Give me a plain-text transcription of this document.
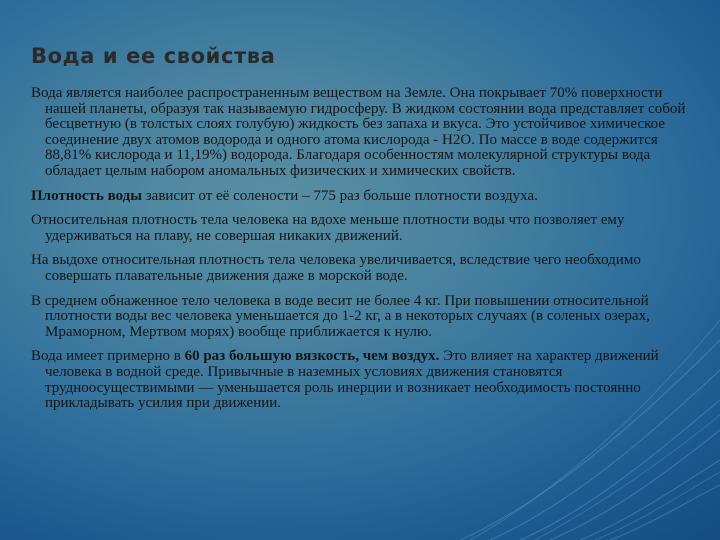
Вода и ее свойства

Вода является наиболее распространенным веществом на Земле. Она покрывает 70% поверхности нашей планеты, образуя так называемую гидросферу. В жидком состоянии вода представляет собой бесцветную (в толстых слоях голубую) жидкость без запаха и вкуса. Это устойчивое химическое соединение двух атомов водорода и одного атома кислорода - Н2О. По массе в воде содержится 88,81% кислорода и 11,19%) водорода. Благодаря особенностям молекулярной структуры вода обладает целым набором аномальных физических и химических свойств.

Плотность воды зависит от её солености – 775 раз больше плотности воздуха.

Относительная плотность тела человека на вдохе меньше плотности воды что позволяет ему удерживаться на плаву, не совершая никаких движений.

На выдохе относительная плотность тела человека увеличивается, вследствие чего необходимо совершать плавательные движения даже в морской воде.

В среднем обнаженное тело человека в воде весит не более 4 кг. При повышении относительной плотности воды вес человека уменьшается до 1-2 кг, а в некоторых случаях (в соленых озерах, Мраморном, Мертвом морях) вообще приближается к нулю.

Вода имеет примерно в 60 раз большую вязкость, чем воздух. Это влияет на характер движений человека в водной среде. Привычные в наземных условиях движения становятся трудноосуществимыми — уменьшается роль инерции и возникает необходимость постоянно прикладывать усилия при движении.
